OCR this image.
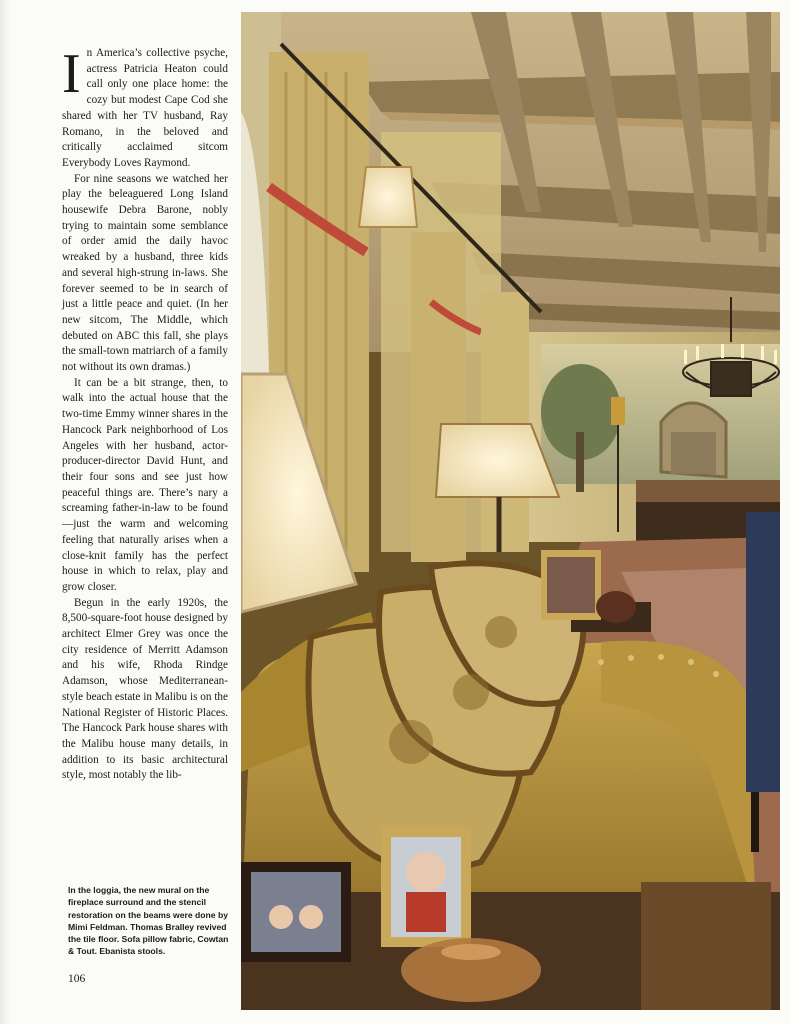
I n America’s collective psyche, actress Patricia Heaton could call only one place home: the cozy but modest Cape Cod she shared with her TV husband, Ray Romano, in the beloved and critically acclaimed sitcom Everybody Loves Raymond.

For nine seasons we watched her play the beleaguered Long Island housewife Debra Barone, nobly trying to maintain some semblance of order amid the daily havoc wreaked by a husband, three kids and several high-strung in-laws. She forever seemed to be in search of just a little peace and quiet. (In her new sitcom, The Middle, which debuted on ABC this fall, she plays the small-town matriarch of a family not without its own dramas.)

It can be a bit strange, then, to walk into the actual house that the two-time Emmy winner shares in the Hancock Park neighborhood of Los Angeles with her husband, actor-producer-director David Hunt, and their four sons and see just how peaceful things are. There’s nary a screaming father-in-law to be found—just the warm and welcoming feeling that naturally arises when a close-knit family has the perfect house in which to relax, play and grow closer.

Begun in the early 1920s, the 8,500-square-foot house designed by architect Elmer Grey was once the city residence of Merritt Adamson and his wife, Rhoda Rindge Adamson, whose Mediterranean-style beach estate in Malibu is on the National Register of Historic Places. The Hancock Park house shares with the Malibu house many details, in addition to its basic architectural style, most notably the lib-

In the loggia, the new mural on the fireplace surround and the stencil restoration on the beams were done by Mimi Feldman. Thomas Bralley revived the tile floor. Sofa pillow fabric, Cowtan & Tout. Ebanista stools.
106
